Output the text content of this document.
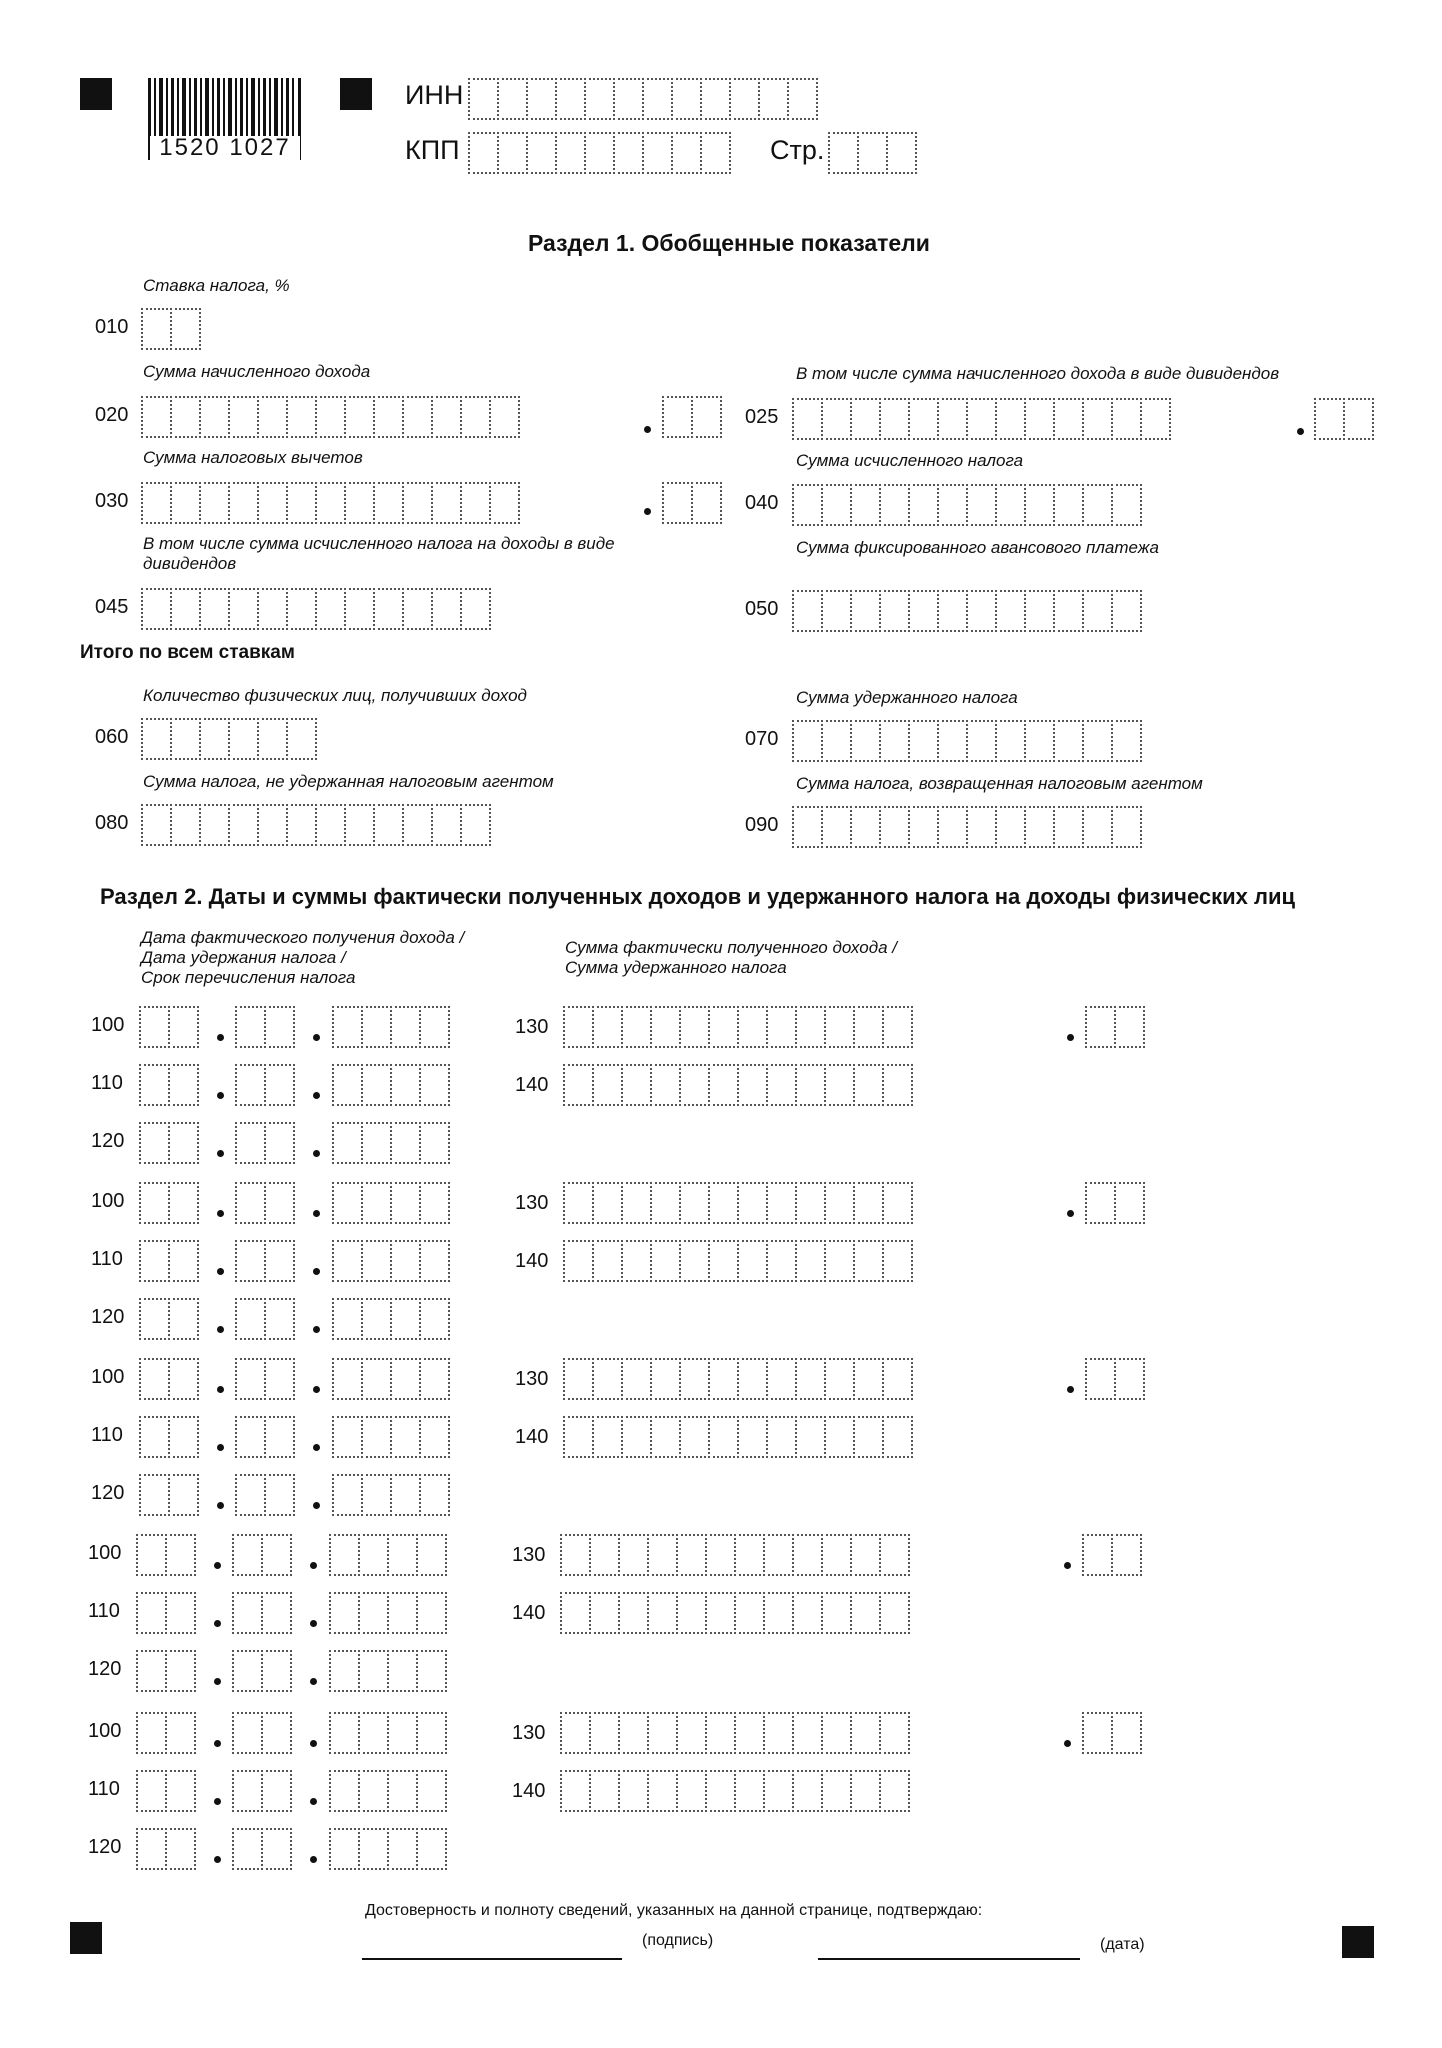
1520 1027
ИНН
КПП	Стр.
Раздел 1. Обобщенные показатели
Ставка налога, %
010
Сумма начисленного дохода
020
В том числе сумма начисленного дохода в виде дивидендов
025
Сумма налоговых вычетов
030
Сумма исчисленного налога
040
В том числе сумма исчисленного налога на доходы в виде дивидендов
045
Сумма фиксированного авансового платежа
050
Итого по всем ставкам
Количество физических лиц, получивших доход
060
Сумма удержанного налога
070
Сумма налога, не удержанная налоговым агентом
080
Сумма налога, возвращенная налоговым агентом
090
Раздел 2. Даты и суммы фактически полученных доходов и удержанного налога на доходы физических лиц
Дата фактического получения дохода /
Дата удержания налога /
Срок перечисления налога
Сумма фактически полученного дохода /
Сумма удержанного налога
100
110
120
130
140
100
110
120
130
140
100
110
120
130
140
100
110
120
130
140
100
110
120
130
140
Достоверность и полноту сведений, указанных на данной странице, подтверждаю:
(подпись)	(дата)
